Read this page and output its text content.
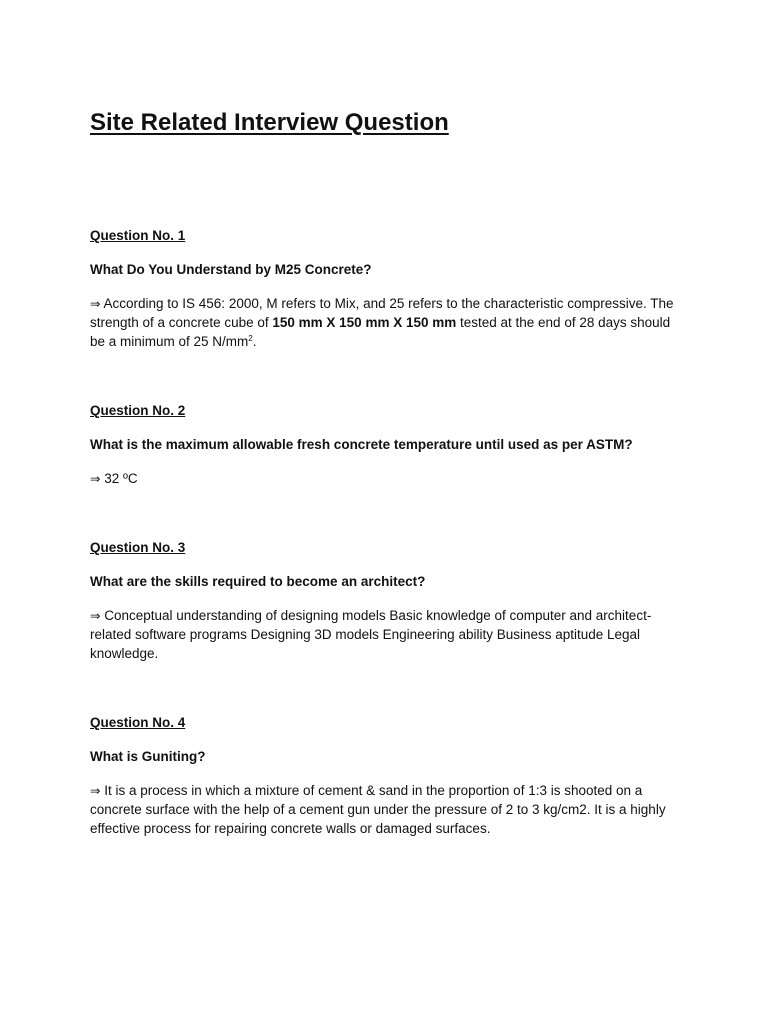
Site Related Interview Question

Question No. 1

What Do You Understand by M25 Concrete?

⇒ According to IS 456: 2000, M refers to Mix, and 25 refers to the characteristic compressive. The strength of a concrete cube of 150 mm X 150 mm X 150 mm tested at the end of 28 days should be a minimum of 25 $N/mm^2$.

Question No. 2

What is the maximum allowable fresh concrete temperature until used as per ASTM?

⇒ 32 ºC

Question No. 3

What are the skills required to become an architect?

⇒ Conceptual understanding of designing models Basic knowledge of computer and architect-related software programs Designing 3D models Engineering ability Business aptitude Legal knowledge.

Question No. 4

What is Guniting?

⇒ It is a process in which a mixture of cement & sand in the proportion of 1:3 is shooted on a concrete surface with the help of a cement gun under the pressure of 2 to 3 kg/cm2. It is a highly effective process for repairing concrete walls or damaged surfaces.
